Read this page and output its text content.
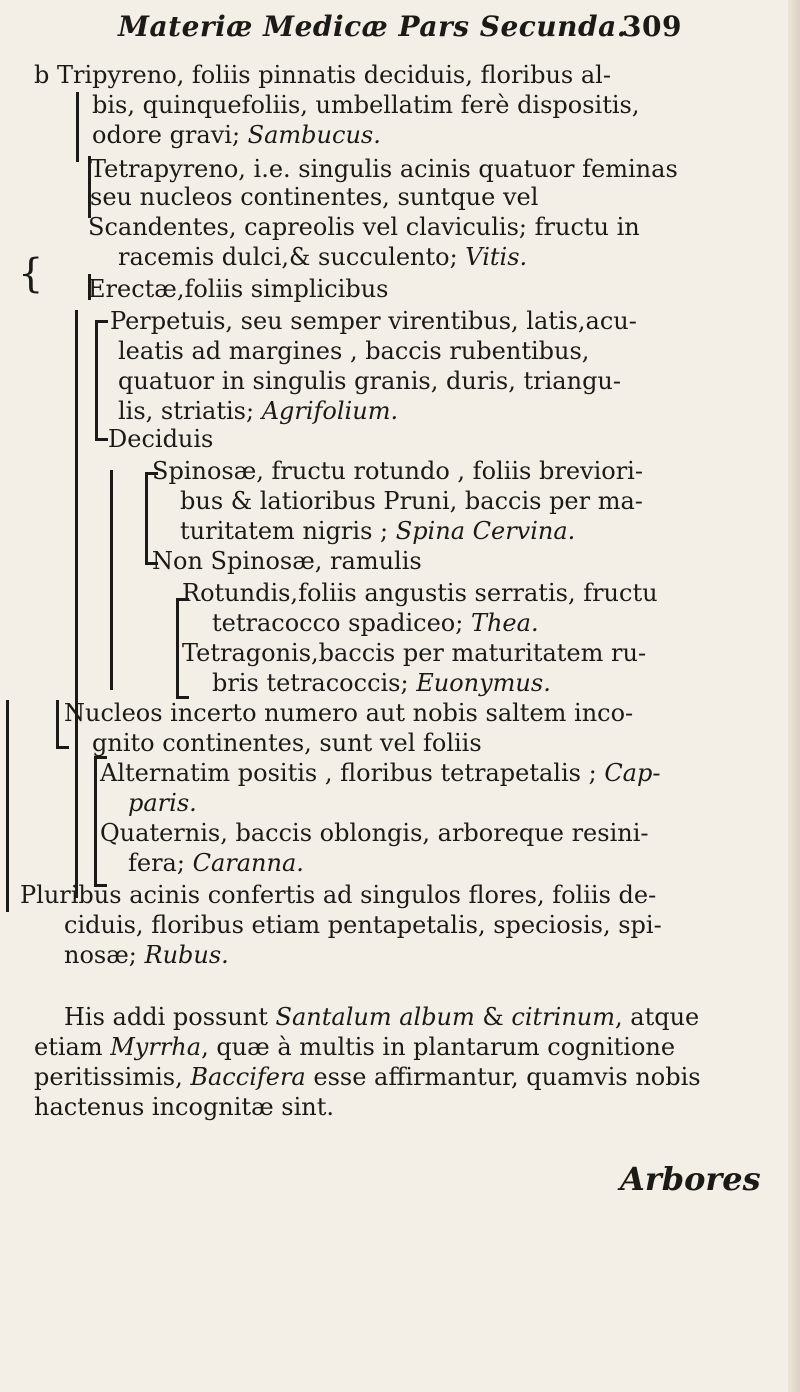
Materiæ Medicæ Pars Secunda.
309
{
b Tripyreno, foliis pinnatis deciduis, floribus al-
bis, quinquefoliis, umbellatim ferè dispositis,
odore gravi; Sambucus.
Tetrapyreno, i.e. singulis acinis quatuor feminas
seu nucleos continentes, suntque vel
Scandentes, capreolis vel claviculis; fructu in
racemis dulci,& succulento; Vitis.
Erectæ,foliis simplicibus
Perpetuis, seu semper virentibus, latis,acu-
leatis ad margines , baccis rubentibus,
quatuor in singulis granis, duris, triangu-
lis, striatis; Agrifolium.
Deciduis
Spinosæ, fructu rotundo , foliis breviori-
bus & latioribus Pruni, baccis per ma-
turitatem nigris ; Spina Cervina.
Non Spinosæ, ramulis
Rotundis,foliis angustis serratis, fructu
tetracocco spadiceo; Thea.
Tetragonis,baccis per maturitatem ru-
bris tetracoccis; Euonymus.
Nucleos incerto numero aut nobis saltem inco-
gnito continentes, sunt vel foliis
Alternatim positis , floribus tetrapetalis ; Cap-
paris.
Quaternis, baccis oblongis, arboreque resini-
fera; Caranna.
Pluribus acinis confertis ad singulos flores, foliis de-
ciduis, floribus etiam pentapetalis, speciosis, spi-
nosæ; Rubus.
His addi possunt Santalum album & citrinum, atque
etiam Myrrha, quæ à multis in plantarum cognitione
peritissimis, Baccifera esse affirmantur, quamvis nobis
hactenus incognitæ sint.
Arbores
